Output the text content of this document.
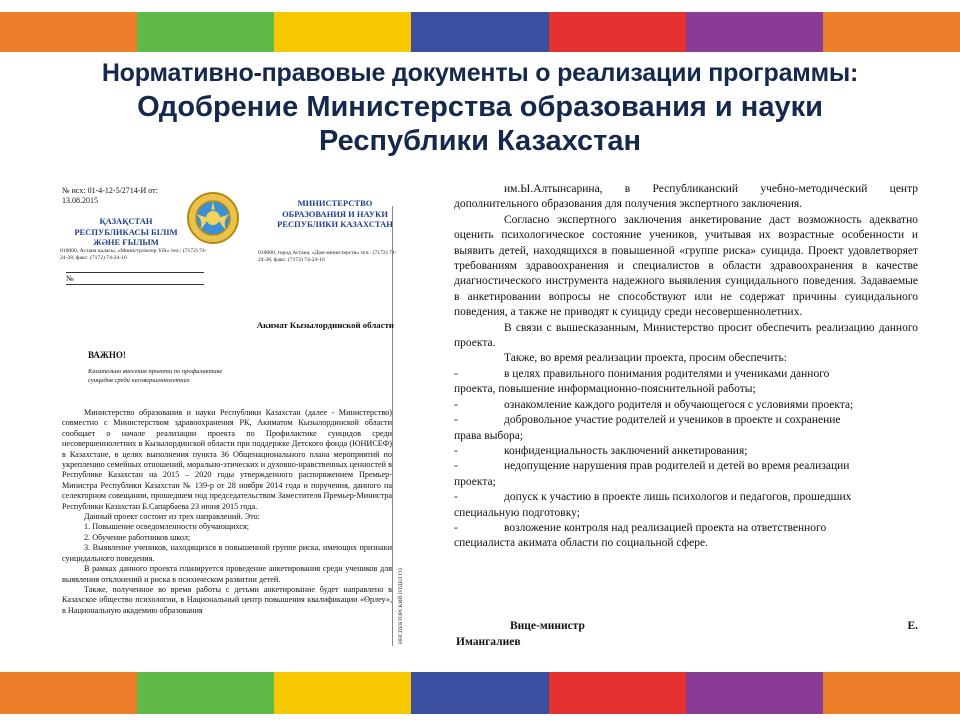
Нормативно-правовые документы о реализации программы:
Одобрение Министерства образования и науки
Республики Казахстан
№ исх: 01-4-12-5/2714-И от: 13.08.2015
ҚАЗАҚСТАН РЕСПУБЛИКАСЫ БІЛІМ ЖӘНЕ ҒЫЛЫМ
МИНИСТЕРСТВО ОБРАЗОВАНИЯ И НАУКИ РЕСПУБЛИКИ КАЗАХСТАН
010000, Астана қаласы, «Министрліктер Үйі» тел.: (7172) 74-24-28, факс: (7172) 74-24-16
010000, город Астана, «Дом министерств» тел.: (7172) 74-24-28, факс: (7172) 74-24-16
№
ИНСПЕКТОРСКИЙ ОТДЕЛ ГО
Акимат Кызылординской области
ВАЖНО!
Касательно внесения проекта по профилактике суицидов среди несовершеннолетних

Министерство образования и науки Республики Казахстан (далее - Министерство) совместно с Министерством здравоохранения РК, Акиматом Кызылординской области сообщает о начале реализации проекта по Профилактике суицидов среди несовершеннолетних в Кызылординской области при поддержке Детского фонда (ЮНИСЕФ) в Казахстане, в целях выполнения пункта 36 Общенационального плана мероприятий по укреплению семейных отношений, морально-этических и духовно-нравственных ценностей в Республике Казахстан на 2015 – 2020 годы утвержденного распоряжением Премьер-Министра Республики Казахстан № 139-р от 28 ноября 2014 года и поручения, данного на селекторном совещании, прошедшем под председательством Заместителя Премьер-Министра Республики Казахстан Б.Сапарбаева 23 июня 2015 года.

Данный проект состоит из трех направлений. Это:

1. Повышение осведомленности обучающихся;

2. Обучение работников школ;

3. Выявление учеников, находящихся в повышенной группе риска, имеющих признаки суицидального поведения.

В рамках данного проекта планируется проведение анкетирования среди учеников для выявления отклонений и риска в психическом развитии детей.

Также, полученное во время работы с детьми анкетирование будет направлено в Казахское общество психологии, в Национальный центр повышения квалификации «Өрлеу», в Национальную академию образования

им.Ы.Алтынсарина, в Республиканский учебно-методический центр дополнительного образования для получения экспертного заключения.

Согласно экспертного заключения анкетирование даст возможность адекватно оценить психологическое состояние учеников, учитывая их возрастные особенности и выявить детей, находящихся в повышенной «группе риска» суицида. Проект удовлетворяет требованиям здравоохранения и специалистов в области здравоохранения в качестве диагностического инструмента надежного выявления суицидального поведения. Задаваемые в анкетировании вопросы не способствуют или не содержат причины суицидального поведения, а также не приводят к суициду среди несовершеннолетних.

В связи с вышесказанным, Министерство просит обеспечить реализацию данного проекта.

Также, во время реализации проекта, просим обеспечить:

-	в целях правильного понимания родителями и учениками данного
проекта, повышение информационно-пояснительной работы;
-	ознакомление каждого родителя и обучающегося с условиями проекта;
-	добровольное участие родителей и учеников в проекте и сохранение
права выбора;
-	конфиденциальность заключений анкетирования;
-	недопущение нарушения прав родителей и детей во время реализации
проекта;
-	допуск к участию в проекте лишь психологов и педагогов, прошедших
специальную подготовку;
-	возложение контроля над реализацией проекта на ответственного
специалиста акимата области по социальной сфере.
Вице-министр	Е.
Имангалиев
